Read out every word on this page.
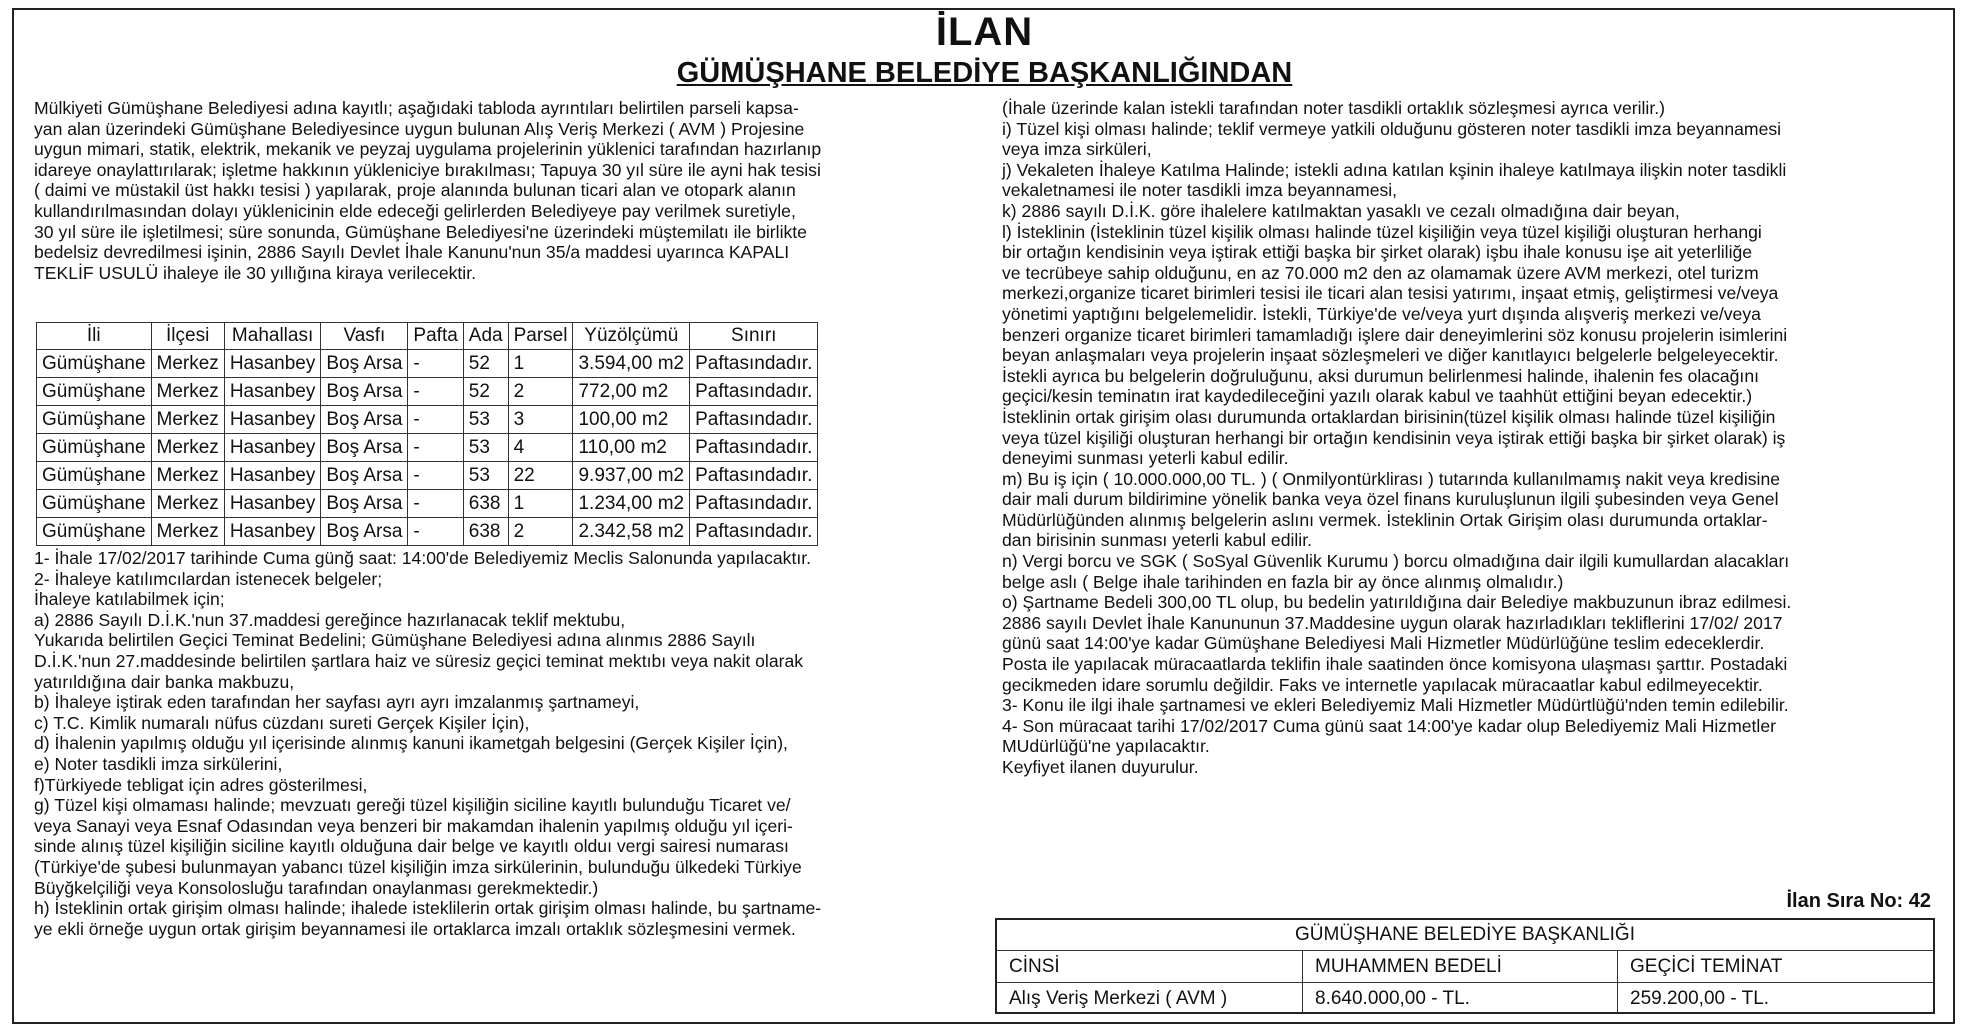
İLAN
GÜMÜŞHANE BELEDİYE BAŞKANLIĞINDAN
Mülkiyeti Gümüşhane Belediyesi adına kayıtlı; aşağıdaki tabloda ayrıntıları belirtilen parseli kapsa-
yan alan üzerindeki Gümüşhane Belediyesince uygun bulunan Alış Veriş Merkezi ( AVM ) Projesine
uygun mimari, statik, elektrik, mekanik ve peyzaj uygulama projelerinin yüklenici tarafından hazırlanıp
idareye onaylattırılarak; işletme hakkının yükleniciye bırakılması; Tapuya 30 yıl süre ile ayni hak tesisi
( daimi ve müstakil üst hakkı tesisi ) yapılarak, proje alanında bulunan ticari alan ve otopark alanın
kullandırılmasından dolayı yüklenicinin elde edeceği gelirlerden Belediyeye pay verilmek suretiyle,
30 yıl süre ile işletilmesi; süre sonunda, Gümüşhane Belediyesi'ne üzerindeki müştemilatı ile birlikte
bedelsiz devredilmesi işinin, 2886 Sayılı Devlet İhale Kanunu'nun 35/a maddesi uyarınca KAPALI
TEKLİF USULÜ ihaleye ile 30 yıllığına kiraya verilecektir.
İli	İlçesi	Mahallası	Vasfı	Pafta	Ada	Parsel	Yüzölçümü	Sınırı
Gümüşhane	Merkez	Hasanbey	Boş Arsa	-	52	1	3.594,00 m2	Paftasındadır.
Gümüşhane	Merkez	Hasanbey	Boş Arsa	-	52	2	772,00 m2	Paftasındadır.
Gümüşhane	Merkez	Hasanbey	Boş Arsa	-	53	3	100,00 m2	Paftasındadır.
Gümüşhane	Merkez	Hasanbey	Boş Arsa	-	53	4	110,00 m2	Paftasındadır.
Gümüşhane	Merkez	Hasanbey	Boş Arsa	-	53	22	9.937,00 m2	Paftasındadır.
Gümüşhane	Merkez	Hasanbey	Boş Arsa	-	638	1	1.234,00 m2	Paftasındadır.
Gümüşhane	Merkez	Hasanbey	Boş Arsa	-	638	2	2.342,58 m2	Paftasındadır.
1- İhale 17/02/2017 tarihinde Cuma günğ saat: 14:00'de Belediyemiz Meclis Salonunda yapılacaktır.
2- İhaleye katılımcılardan istenecek belgeler;
İhaleye katılabilmek için;
a) 2886 Sayılı D.İ.K.'nun 37.maddesi gereğince hazırlanacak teklif mektubu,
Yukarıda belirtilen Geçici Teminat Bedelini; Gümüşhane Belediyesi adına alınmıs 2886 Sayılı
D.İ.K.'nun 27.maddesinde belirtilen şartlara haiz ve süresiz geçici teminat mektıbı veya nakit olarak
yatırıldığına dair banka makbuzu,
b) İhaleye iştirak eden tarafından her sayfası ayrı ayrı imzalanmış şartnameyi,
c) T.C. Kimlik numaralı nüfus cüzdanı sureti Gerçek Kişiler İçin),
d) İhalenin yapılmış olduğu yıl içerisinde alınmış kanuni ikametgah belgesini (Gerçek Kişiler İçin),
e) Noter tasdikli imza sirkülerini,
f)Türkiyede tebligat için adres gösterilmesi,
g) Tüzel kişi olmaması halinde; mevzuatı gereği tüzel kişiliğin siciline kayıtlı bulunduğu Ticaret ve/
veya Sanayi veya Esnaf Odasından veya benzeri bir makamdan ihalenin yapılmış olduğu yıl içeri-
sinde alınış tüzel kişiliğin siciline kayıtlı olduğuna dair belge ve kayıtlı olduı vergi sairesi numarası
(Türkiye'de şubesi bulunmayan yabancı tüzel kişiliğin imza sirkülerinin, bulunduğu ülkedeki Türkiye
Büyğkelçiliği veya Konsolosluğu tarafından onaylanması gerekmektedir.)
h) İsteklinin ortak girişim olması halinde; ihalede isteklilerin ortak girişim olması halinde, bu şartname-
ye ekli örneğe uygun ortak girişim beyannamesi ile ortaklarca imzalı ortaklık sözleşmesini vermek.
(İhale üzerinde kalan istekli tarafından noter tasdikli ortaklık sözleşmesi ayrıca verilir.)
i) Tüzel kişi olması halinde; teklif vermeye yatkili olduğunu gösteren noter tasdikli imza beyannamesi
veya imza sirküleri,
j) Vekaleten İhaleye Katılma Halinde; istekli adına katılan kşinin ihaleye katılmaya ilişkin noter tasdikli
vekaletnamesi ile noter tasdikli imza beyannamesi,
k) 2886 sayılı D.İ.K. göre ihalelere katılmaktan yasaklı ve cezalı olmadığına dair beyan,
l) İsteklinin (İsteklinin tüzel kişilik olması halinde tüzel kişiliğin veya tüzel kişiliği oluşturan herhangi
bir ortağın kendisinin veya iştirak ettiği başka bir şirket olarak) işbu ihale konusu işe ait yeterliliğe
ve tecrübeye sahip olduğunu, en az 70.000 m2 den az olamamak üzere AVM merkezi, otel turizm
merkezi,organize ticaret birimleri tesisi ile ticari alan tesisi yatırımı, inşaat etmiş, geliştirmesi ve/veya
yönetimi yaptığını belgelemelidir. İstekli, Türkiye'de ve/veya yurt dışında alışveriş merkezi ve/veya
benzeri organize ticaret birimleri tamamladığı işlere dair deneyimlerini söz konusu projelerin isimlerini
beyan anlaşmaları veya projelerin inşaat sözleşmeleri ve diğer kanıtlayıcı belgelerle belgeleyecektir.
İstekli ayrıca bu belgelerin doğruluğunu, aksi durumun belirlenmesi halinde, ihalenin fes olacağını
geçici/kesin teminatın irat kaydedileceğini yazılı olarak kabul ve taahhüt ettiğini beyan edecektir.)
İsteklinin ortak girişim olası durumunda ortaklardan birisinin(tüzel kişilik olması halinde tüzel kişiliğin
veya tüzel kişiliği oluşturan herhangi bir ortağın kendisinin veya iştirak ettiği başka bir şirket olarak) iş
deneyimi sunması yeterli kabul edilir.
m) Bu iş için ( 10.000.000,00 TL. ) ( Onmilyontürklirası ) tutarında kullanılmamış nakit veya kredisine
dair mali durum bildirimine yönelik banka veya özel finans kuruluşlunun ilgili şubesinden veya Genel
Müdürlüğünden alınmış belgelerin aslını vermek. İsteklinin Ortak Girişim olası durumunda ortaklar-
dan birisinin sunması yeterli kabul edilir.
n) Vergi borcu ve SGK ( SoSyal Güvenlik Kurumu ) borcu olmadığına dair ilgili kumullardan alacakları
belge aslı ( Belge ihale tarihinden en fazla bir ay önce alınmış olmalıdır.)
o) Şartname Bedeli 300,00 TL olup, bu bedelin yatırıldığına dair Belediye makbuzunun ibraz edilmesi.
2886 sayılı Devlet İhale Kanununun 37.Maddesine uygun olarak hazırladıkları tekliflerini 17/02/ 2017
günü saat 14:00'ye kadar Gümüşhane Belediyesi Mali Hizmetler Müdürlüğüne teslim edeceklerdir.
Posta ile yapılacak müracaatlarda teklifin ihale saatinden önce komisyona ulaşması şarttır. Postadaki
gecikmeden idare sorumlu değildir. Faks ve internetle yapılacak müracaatlar kabul edilmeyecektir.
3- Konu ile ilgi ihale şartnamesi ve ekleri Belediyemiz Mali Hizmetler Müdürtlüğü'nden temin edilebilir.
4- Son müracaat tarihi 17/02/2017 Cuma günü saat 14:00'ye kadar olup Belediyemiz Mali Hizmetler
MUdürlüğü'ne yapılacaktır.
Keyfiyet ilanen duyurulur.
İlan Sıra No: 42
GÜMÜŞHANE BELEDİYE BAŞKANLIĞI
CİNSİ	MUHAMMEN BEDELİ	GEÇİCİ TEMİNAT
Alış Veriş Merkezi ( AVM )	8.640.000,00 - TL.	259.200,00 - TL.
